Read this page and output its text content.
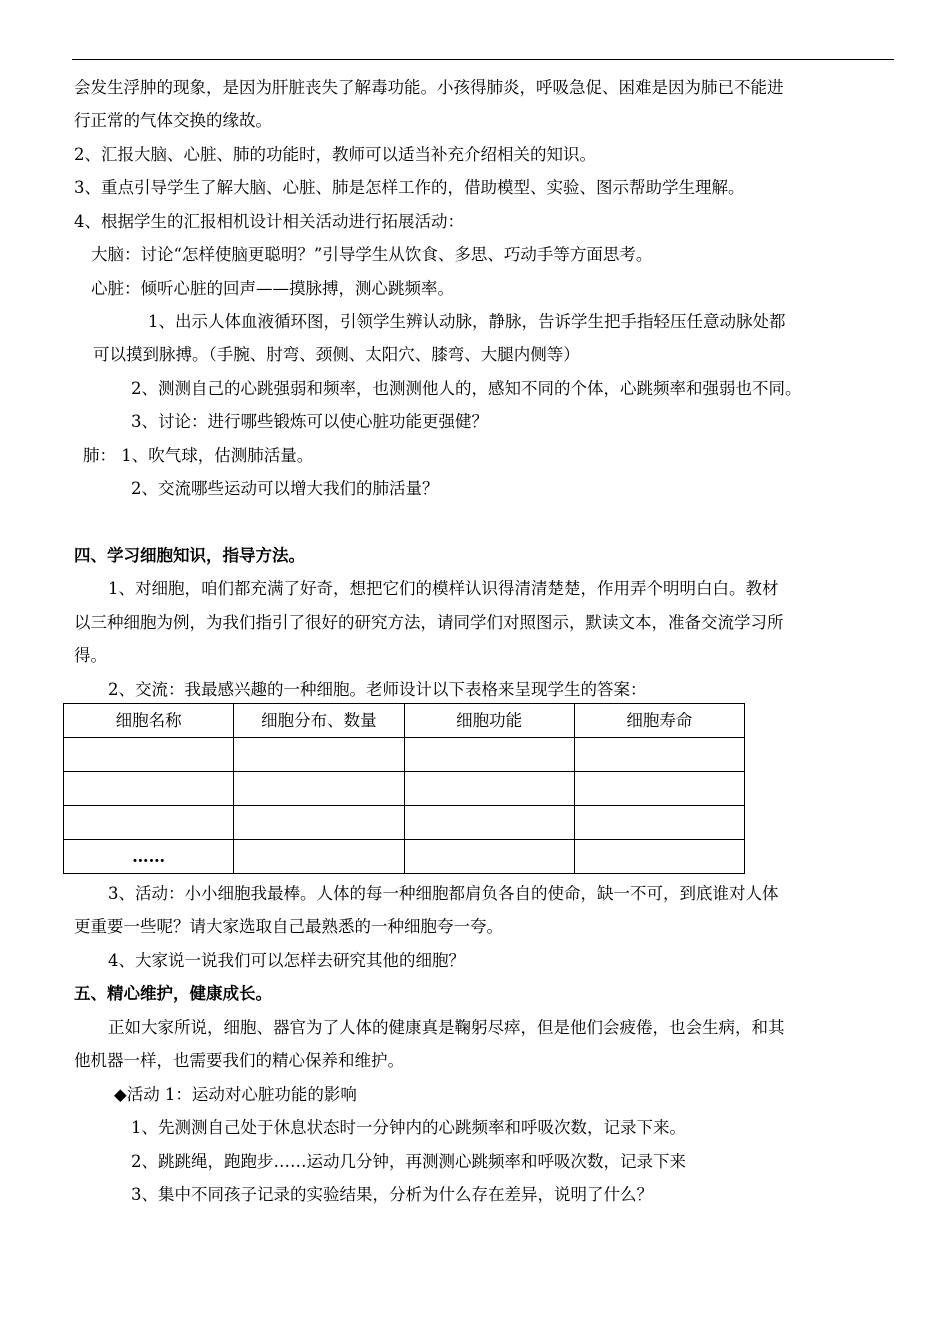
会发生浮肿的现象，是因为肝脏丧失了解毒功能。小孩得肺炎，呼吸急促、困难是因为肺已不能进
行正常的气体交换的缘故。
2、汇报大脑、心脏、肺的功能时，教师可以适当补充介绍相关的知识。
3、重点引导学生了解大脑、心脏、肺是怎样工作的，借助模型、实验、图示帮助学生理解。
4、根据学生的汇报相机设计相关活动进行拓展活动：
大脑：讨论“怎样使脑更聪明？”引导学生从饮食、多思、巧动手等方面思考。
心脏：倾听心脏的回声——摸脉搏，测心跳频率。
1、出示人体血液循环图，引领学生辨认动脉，静脉，告诉学生把手指轻压任意动脉处都
可以摸到脉搏。（手腕、肘弯、颈侧、太阳穴、膝弯、大腿内侧等）
2、测测自己的心跳强弱和频率，也测测他人的，感知不同的个体，心跳频率和强弱也不同。
3、讨论：进行哪些锻炼可以使心脏功能更强健？
肺： 1、吹气球，估测肺活量。
2、交流哪些运动可以增大我们的肺活量？
四、学习细胞知识，指导方法。
1、对细胞，咱们都充满了好奇，想把它们的模样认识得清清楚楚，作用弄个明明白白。教材
以三种细胞为例，为我们指引了很好的研究方法，请同学们对照图示，默读文本，准备交流学习所
得。
2、交流：我最感兴趣的一种细胞。老师设计以下表格来呈现学生的答案：
细胞名称	细胞分布、数量	细胞功能	细胞寿命

……			
3、活动：小小细胞我最棒。人体的每一种细胞都肩负各自的使命，缺一不可，到底谁对人体
更重要一些呢？请大家选取自己最熟悉的一种细胞夸一夸。
4、大家说一说我们可以怎样去研究其他的细胞？
五、精心维护，健康成长。
正如大家所说，细胞、器官为了人体的健康真是鞠躬尽瘁，但是他们会疲倦，也会生病，和其
他机器一样，也需要我们的精心保养和维护。
◆活动 1：运动对心脏功能的影响
1、先测测自己处于休息状态时一分钟内的心跳频率和呼吸次数，记录下来。
2、跳跳绳，跑跑步……运动几分钟，再测测心跳频率和呼吸次数，记录下来
3、集中不同孩子记录的实验结果，分析为什么存在差异，说明了什么？
